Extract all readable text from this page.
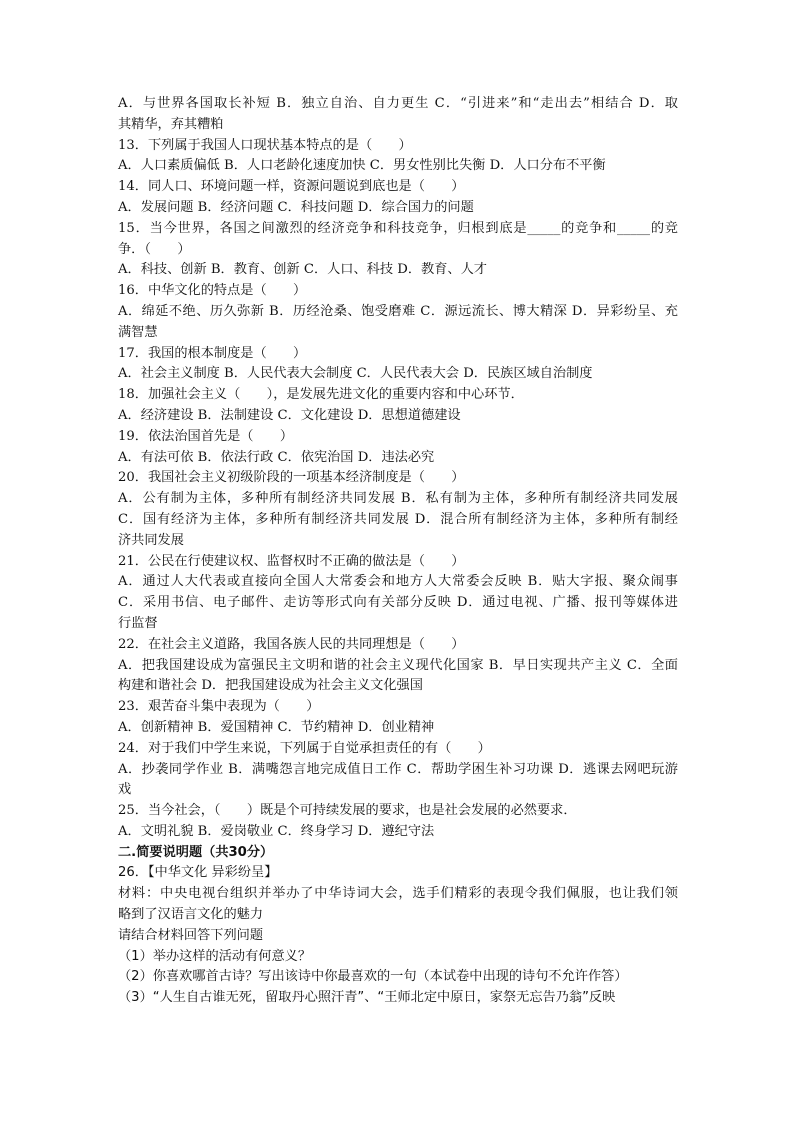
A．与世界各国取长补短 B．独立自治、自力更生 C．“引进来”和“走出去”相结合 D．取
其精华，弃其糟粕
13．下列属于我国人口现状基本特点的是（　　）
A．人口素质偏低 B．人口老龄化速度加快 C．男女性别比失衡 D．人口分布不平衡
14．同人口、环境问题一样，资源问题说到底也是（　　）
A．发展问题 B．经济问题 C．科技问题 D．综合国力的问题
15．当今世界，各国之间激烈的经济竞争和科技竞争，归根到底是_____的竞争和_____的竞
争．（　　）
A．科技、创新 B．教育、创新 C．人口、科技 D．教育、人才
16．中华文化的特点是（　　）
A．绵延不绝、历久弥新 B．历经沧桑、饱受磨难 C．源远流长、博大精深 D．异彩纷呈、充
满智慧
17．我国的根本制度是（　　）
A．社会主义制度 B．人民代表大会制度 C．人民代表大会 D．民族区域自治制度
18．加强社会主义（　　），是发展先进文化的重要内容和中心环节．
A．经济建设 B．法制建设 C．文化建设 D．思想道德建设
19．依法治国首先是（　　）
A．有法可依 B．依法行政 C．依宪治国 D．违法必究
20．我国社会主义初级阶段的一项基本经济制度是（　　）
A．公有制为主体，多种所有制经济共同发展 B．私有制为主体，多种所有制经济共同发展
C．国有经济为主体，多种所有制经济共同发展 D．混合所有制经济为主体，多种所有制经
济共同发展
21．公民在行使建议权、监督权时不正确的做法是（　　）
A．通过人大代表或直接向全国人大常委会和地方人大常委会反映 B．贴大字报、聚众闹事
C．采用书信、电子邮件、走访等形式向有关部分反映 D．通过电视、广播、报刊等媒体进
行监督
22．在社会主义道路，我国各族人民的共同理想是（　　）
A．把我国建设成为富强民主文明和谐的社会主义现代化国家 B．早日实现共产主义 C．全面
构建和谐社会 D．把我国建设成为社会主义文化强国
23．艰苦奋斗集中表现为（　　）
A．创新精神 B．爱国精神 C．节约精神 D．创业精神
24．对于我们中学生来说，下列属于自觉承担责任的有（　　）
A．抄袭同学作业 B．满嘴怨言地完成值日工作 C．帮助学困生补习功课 D．逃课去网吧玩游
戏
25．当今社会，（　　）既是个可持续发展的要求，也是社会发展的必然要求．
A．文明礼貌 B．爱岗敬业 C．终身学习 D．遵纪守法
二.简要说明题（共30分）
26．【中华文化 异彩纷呈】
材料：中央电视台组织并举办了中华诗词大会，选手们精彩的表现令我们佩服，也让我们领
略到了汉语言文化的魅力
请结合材料回答下列问题
（1）举办这样的活动有何意义？
（2）你喜欢哪首古诗？写出该诗中你最喜欢的一句（本试卷中出现的诗句不允许作答）
（3）“人生自古谁无死，留取丹心照汗青”、“王师北定中原日，家祭无忘告乃翁”反映
